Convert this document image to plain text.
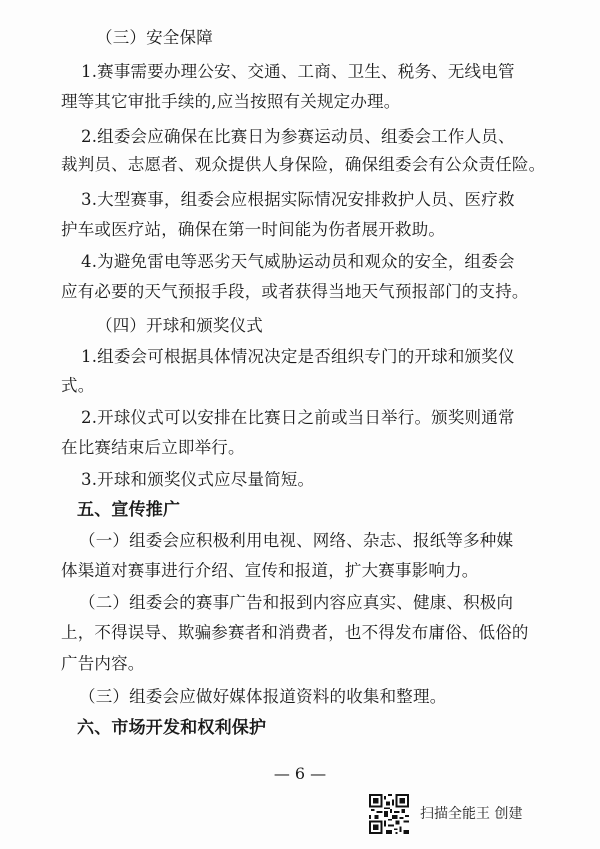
（三）安全保障
1.赛事需要办理公安、交通、工商、卫生、税务、无线电管
理等其它审批手续的,应当按照有关规定办理。
2.组委会应确保在比赛日为参赛运动员、组委会工作人员、
裁判员、志愿者、观众提供人身保险，确保组委会有公众责任险。
3.大型赛事，组委会应根据实际情况安排救护人员、医疗救
护车或医疗站，确保在第一时间能为伤者展开救助。
4.为避免雷电等恶劣天气威胁运动员和观众的安全，组委会
应有必要的天气预报手段，或者获得当地天气预报部门的支持。
（四）开球和颁奖仪式
1.组委会可根据具体情况决定是否组织专门的开球和颁奖仪
式。
2.开球仪式可以安排在比赛日之前或当日举行。颁奖则通常
在比赛结束后立即举行。
3.开球和颁奖仪式应尽量简短。
五、宣传推广
（一）组委会应积极利用电视、网络、杂志、报纸等多种媒
体渠道对赛事进行介绍、宣传和报道，扩大赛事影响力。
（二）组委会的赛事广告和报到内容应真实、健康、积极向
上，不得误导、欺骗参赛者和消费者，也不得发布庸俗、低俗的
广告内容。
（三）组委会应做好媒体报道资料的收集和整理。
六、市场开发和权利保护
— 6 —
扫描全能王 创建
